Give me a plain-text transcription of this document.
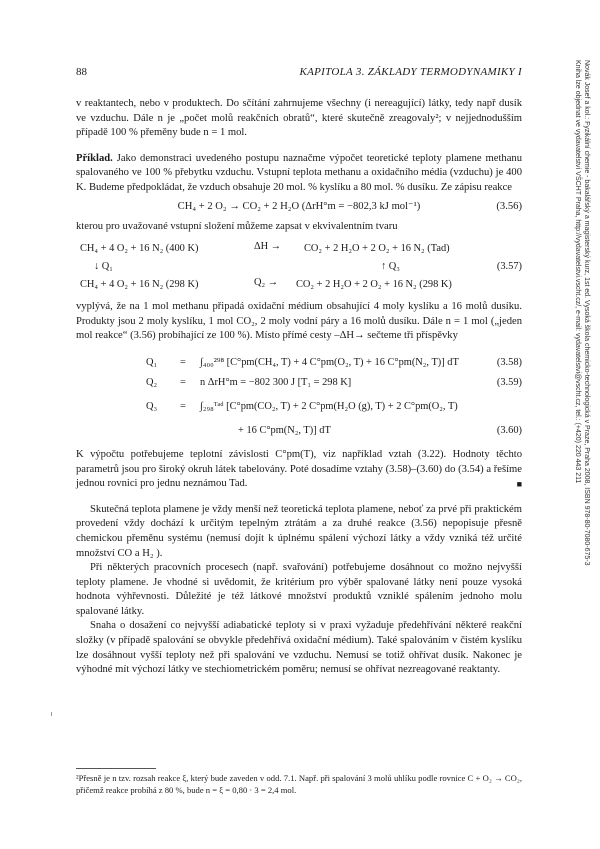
88	KAPITOLA 3. ZÁKLADY TERMODYNAMIKY I

v reaktantech, nebo v produktech. Do sčítání zahrnujeme všechny (i nereagující) látky, tedy např dusík ve vzduchu. Dále n je „počet molů reakčních obratů“, které skutečně zreagovaly²; v nejjednodušším případě 100 % přeměny bude n = 1 mol.

Příklad. Jako demonstraci uvedeného postupu naznačme výpočet teoretické teploty plamene methanu spalovaného ve 100 % přebytku vzduchu. Vstupní teplota methanu a oxidačního média (vzduchu) je 400 K. Budeme předpokládat, že vzduch obsahuje 20 mol. % kyslíku a 80 mol. % dusíku. Ze zápisu reakce

CH₄ + 2 O₂ → CO₂ + 2 H₂O (ΔrH°m = −802,3 kJ mol⁻¹)	(3.56)

kterou pro uvažované vstupní složení můžeme zapsat v ekvivalentním tvaru

CH₄ + 4 O₂ + 16 N₂ (400 K)	ΔH → CO₂ + 2 H₂O + 2 O₂ + 16 N₂ (Tad)
↓ Q₁	↑ Q₃	(3.57)
CH₄ + 4 O₂ + 16 N₂ (298 K)	Q₂ → CO₂ + 2 H₂O + 2 O₂ + 16 N₂ (298 K)

vyplývá, že na 1 mol methanu připadá oxidační médium obsahující 4 moly kyslíku a 16 molů dusíku. Produkty jsou 2 moly kyslíku, 1 mol CO₂, 2 moly vodní páry a 16 molů dusíku. Dále n = 1 mol („jeden mol reakce“ (3.56) probíhající ze 100 %). Místo přímé cesty –ΔH→ sečteme tři příspěvky

Q₁	= ∫₄₀₀²⁹⁸ [C°pm(CH₄, T) + 4 C°pm(O₂, T) + 16 C°pm(N₂, T)] dT	(3.58)
Q₂	= n ΔrH°m = −802 300 J [T₁ = 298 K]	(3.59)
Q₃	= ∫₂₉₈ᵀᵃᵈ [C°pm(CO₂, T) + 2 C°pm(H₂O (g), T) + 2 C°pm(O₂, T)
+ 16 C°pm(N₂, T)] dT	(3.60)

K výpočtu potřebujeme teplotní závislosti C°pm(T), viz například vztah (3.22). Hodnoty těchto parametrů jsou pro široký okruh látek tabelovány. Poté dosadíme vztahy (3.58)–(3.60) do (3.54) a řešíme jednou rovnici pro jednu neznámou Tad.	■

Skutečná teplota plamene je vždy menší než teoretická teplota plamene, neboť za prvé při praktickém provedení vždy dochází k určitým tepelným ztrátám a za druhé reakce (3.56) nepopisuje přesně chemickou přeměnu systému (nemusí dojít k úplnému spálení výchozí látky a vždy vzniká též určité množství CO a H₂ ).

Při některých pracovních procesech (např. svařování) potřebujeme dosáhnout co možno nejvyšší teploty plamene. Je vhodné si uvědomit, že kritérium pro výběr spalované látky není pouze vysoká hodnota výhřevnosti. Důležité je též látkové množství produktů vzniklé spálením jednoho molu spalované látky.

Snaha o dosažení co nejvyšší adiabatické teploty si v praxi vyžaduje předehřívání některé reakční složky (v případě spalování se obvykle předehřívá oxidační médium). Také spalováním v čistém kyslíku lze dosáhnout vyšší teploty než při spalování ve vzduchu. Nemusí se totiž ohřívat dusík. Nakonec je výhodné mít výchozí látky ve stechiometrickém poměru; nemusí se ohřívat nezreagované reaktanty.

²Přesně je n tzv. rozsah reakce ξ, který bude zaveden v odd. 7.1. Např. při spalování 3 molů uhlíku podle rovnice C + O₂ → CO₂, přičemž reakce probíhá z 80 %, bude n = ξ = 0,80 · 3 = 2,4 mol.
Novák Josef a kol.: Fyzikální chemie - bakalářský a magisterský kurz, 1st ed. Vysoká škola chemicko-technologická v Praze, Praha 2008, ISBN 978-80-7080-675-3
Kniha lze objednat ve vydavatelství VŠCHT Praha, http://vydavatelstvi.vscht.cz/, e-mail: vydavatelstvi@vscht.cz, tel.: (+420) 220 443 211
